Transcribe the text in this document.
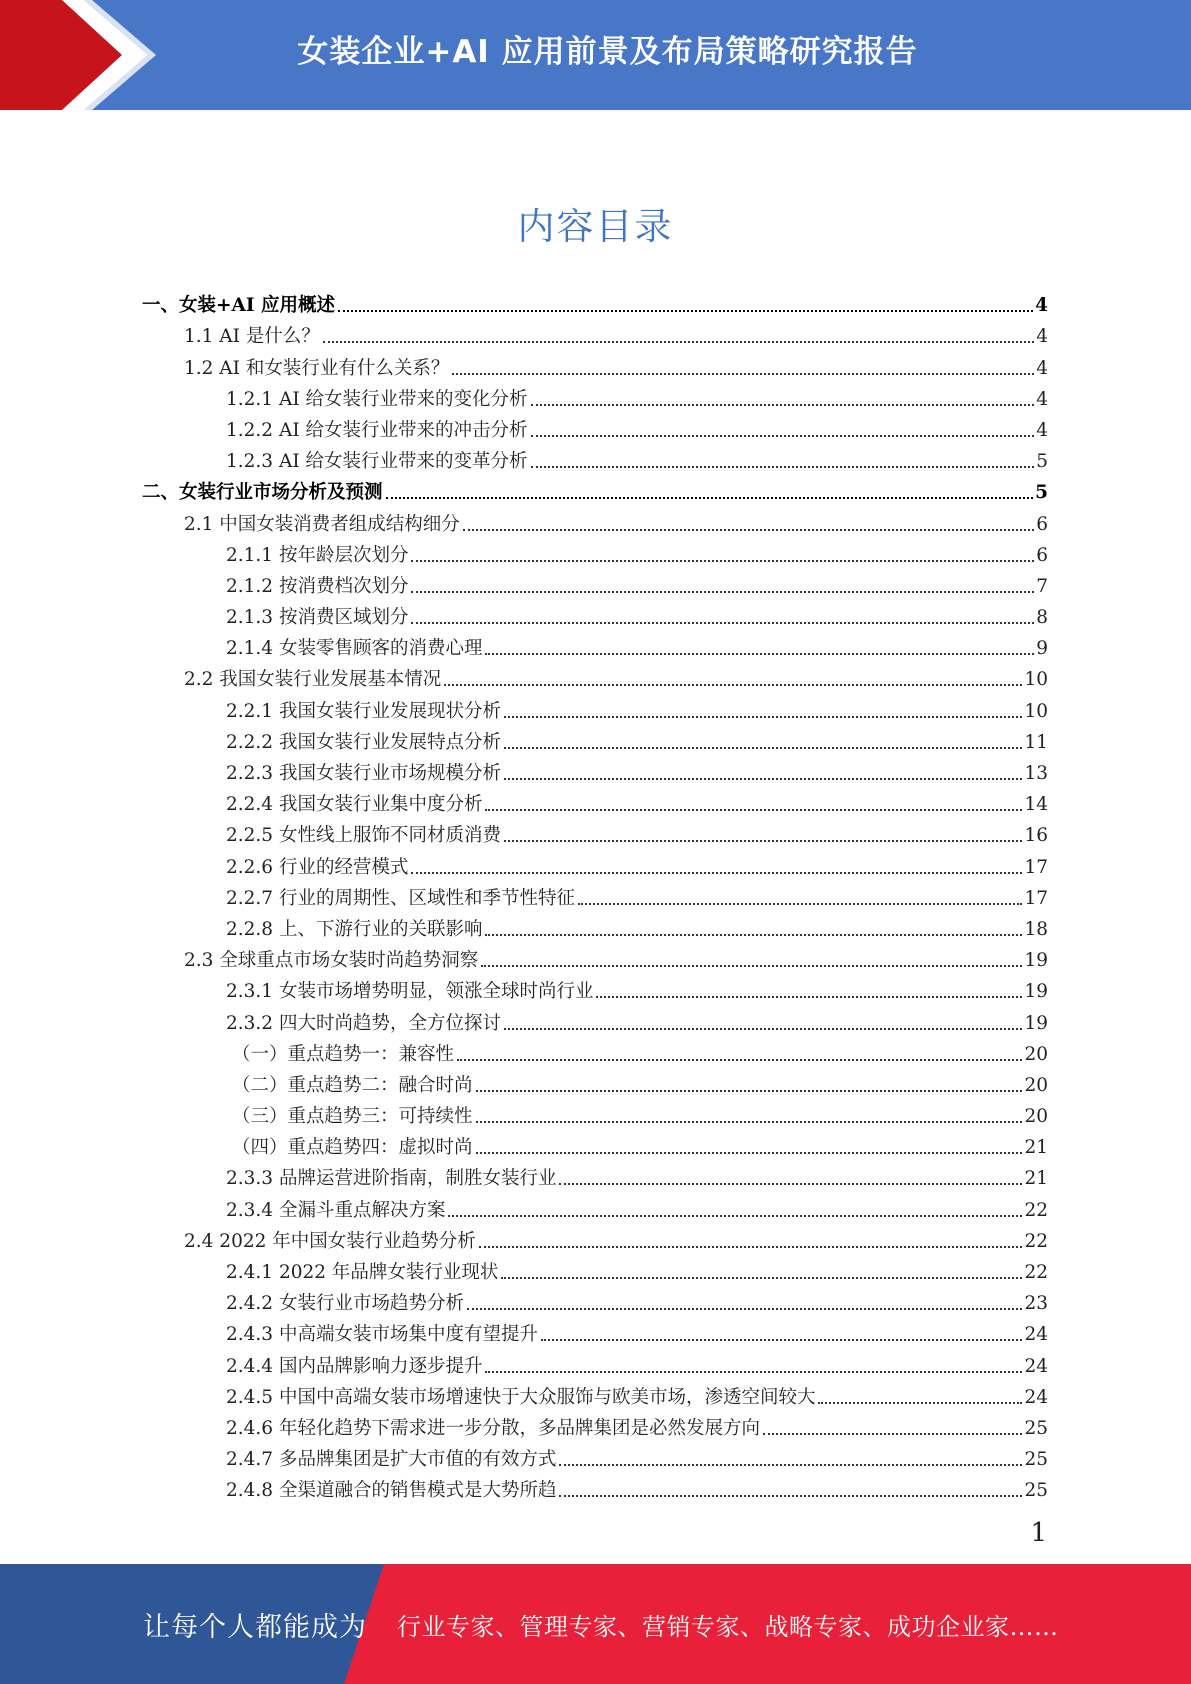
女装企业+AI 应用前景及布局策略研究报告
内容目录
一、女装+AI 应用概述	4
1.1 AI 是什么？	4
1.2 AI 和女装行业有什么关系？	4
1.2.1 AI 给女装行业带来的变化分析	4
1.2.2 AI 给女装行业带来的冲击分析	4
1.2.3 AI 给女装行业带来的变革分析	5
二、女装行业市场分析及预测	5
2.1 中国女装消费者组成结构细分	6
2.1.1 按年龄层次划分	6
2.1.2 按消费档次划分	7
2.1.3 按消费区域划分	8
2.1.4 女装零售顾客的消费心理	9
2.2 我国女装行业发展基本情况	10
2.2.1 我国女装行业发展现状分析	10
2.2.2 我国女装行业发展特点分析	11
2.2.3 我国女装行业市场规模分析	13
2.2.4 我国女装行业集中度分析	14
2.2.5 女性线上服饰不同材质消费	16
2.2.6 行业的经营模式	17
2.2.7 行业的周期性、区域性和季节性特征	17
2.2.8 上、下游行业的关联影响	18
2.3 全球重点市场女装时尚趋势洞察	19
2.3.1 女装市场增势明显，领涨全球时尚行业	19
2.3.2 四大时尚趋势，全方位探讨	19
（一）重点趋势一：兼容性	20
（二）重点趋势二：融合时尚	20
（三）重点趋势三：可持续性	20
（四）重点趋势四：虚拟时尚	21
2.3.3 品牌运营进阶指南，制胜女装行业	21
2.3.4 全漏斗重点解决方案	22
2.4 2022 年中国女装行业趋势分析	22
2.4.1 2022 年品牌女装行业现状	22
2.4.2 女装行业市场趋势分析	23
2.4.3 中高端女装市场集中度有望提升	24
2.4.4 国内品牌影响力逐步提升	24
2.4.5 中国中高端女装市场增速快于大众服饰与欧美市场，渗透空间较大	24
2.4.6 年轻化趋势下需求进一步分散，多品牌集团是必然发展方向	25
2.4.7 多品牌集团是扩大市值的有效方式	25
2.4.8 全渠道融合的销售模式是大势所趋	25
1
让每个人都能成为 行业专家、管理专家、营销专家、战略专家、成功企业家……
